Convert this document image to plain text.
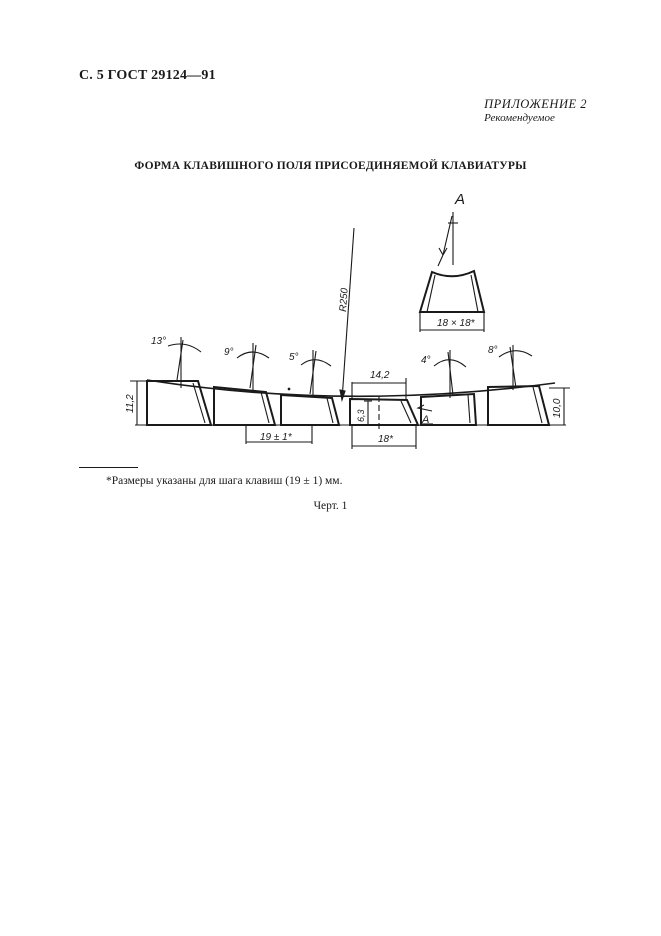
С. 5 ГОСТ 29124—91
ПРИЛОЖЕНИЕ 2
Рекомендуемое
ФОРМА КЛАВИШНОГО ПОЛЯ ПРИСОЕДИНЯЕМОЙ КЛАВИАТУРЫ
A
18 × 18*
R250
13°
9°	5°	4°
8°
11,2	10,0
19 ± 1*
14,2
6,3
18*
A
*Размеры указаны для шага клавиш (19 ± 1) мм.
Черт. 1
